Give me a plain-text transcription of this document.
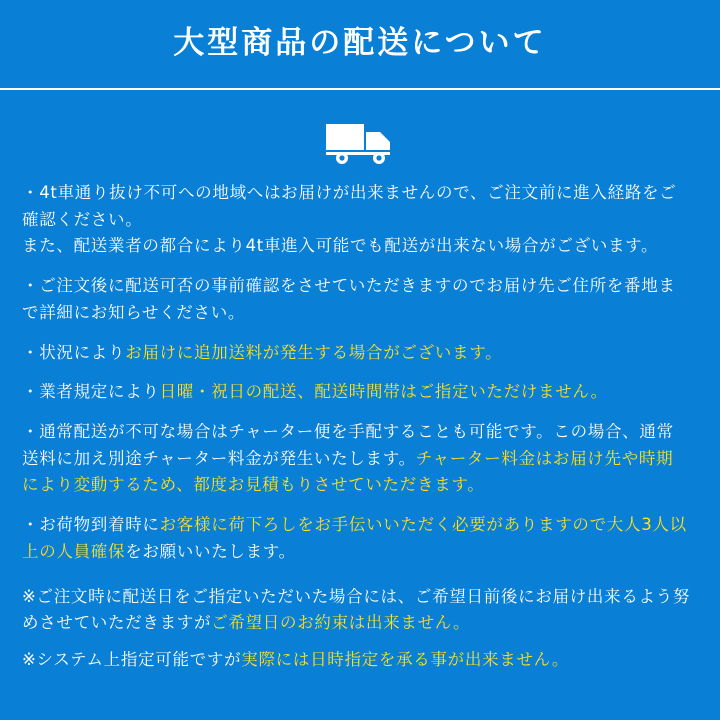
大型商品の配送について
・4t車通り抜け不可への地域へはお届けが出来ませんので、ご注文前に進入経路をご確認ください。
また、配送業者の都合により4t車進入可能でも配送が出来ない場合がございます。
・ご注文後に配送可否の事前確認をさせていただきますのでお届け先ご住所を番地まで詳細にお知らせください。
・状況によりお届けに追加送料が発生する場合がございます。
・業者規定により日曜・祝日の配送、配送時間帯はご指定いただけません。
・通常配送が不可な場合はチャーター便を手配することも可能です。この場合、通常送料に加え別途チャーター料金が発生いたします。チャーター料金はお届け先や時期により変動するため、都度お見積もりさせていただきます。
・お荷物到着時にお客様に荷下ろしをお手伝いいただく必要がありますので大人3人以上の人員確保をお願いいたします。
※ご注文時に配送日をご指定いただいた場合には、ご希望日前後にお届け出来るよう努めさせていただきますがご希望日のお約束は出来ません。
※システム上指定可能ですが実際には日時指定を承る事が出来ません。
